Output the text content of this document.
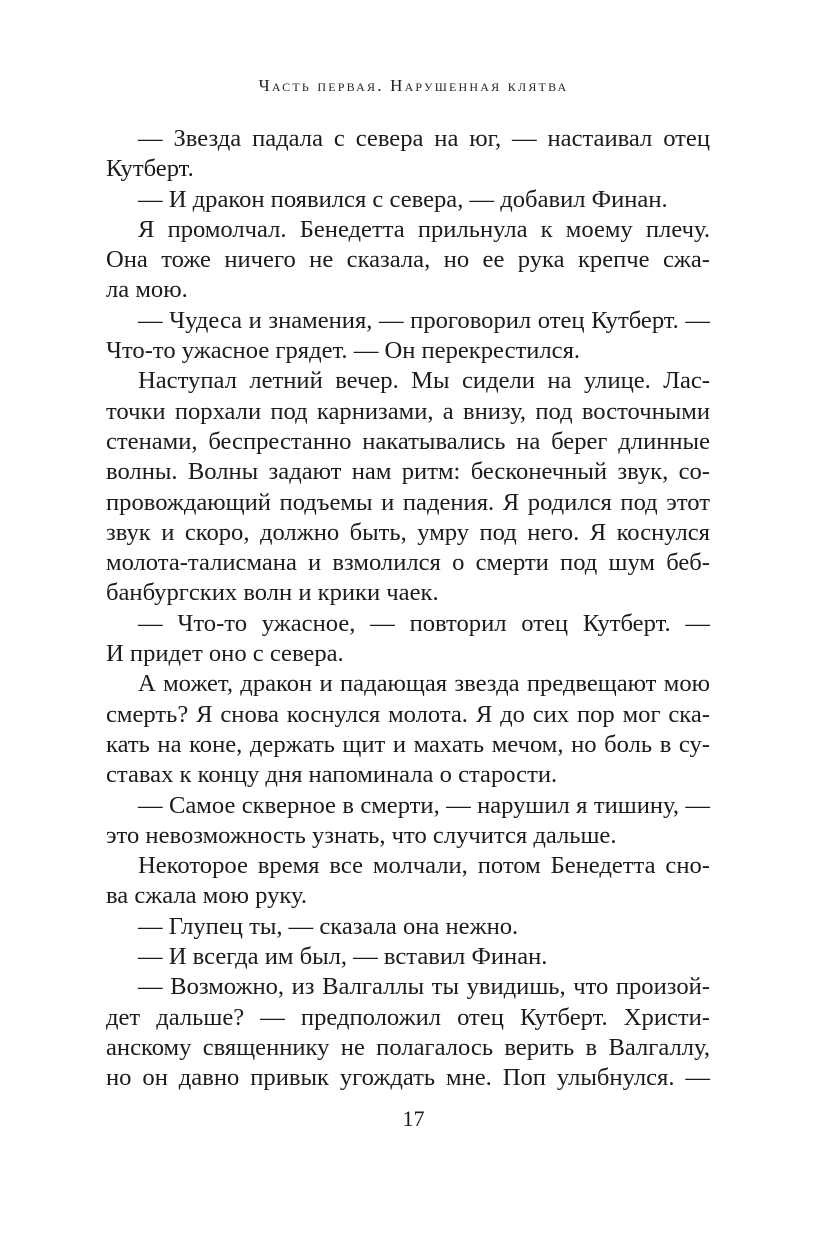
Часть первая. Нарушенная клятва
— Звезда падала с севера на юг, — настаивал отец
Кутберт.
— И дракон появился с севера, — добавил Финан.
Я промолчал. Бенедетта прильнула к моему плечу.
Она тоже ничего не сказала, но ее рука крепче сжа-
ла мою.
— Чудеса и знамения, — проговорил отец Кутберт. —
Что-то ужасное грядет. — Он перекрестился.
Наступал летний вечер. Мы сидели на улице. Лас-
точки порхали под карнизами, а внизу, под восточными
стенами, беспрестанно накатывались на берег длинные
волны. Волны задают нам ритм: бесконечный звук, со-
провождающий подъемы и падения. Я родился под этот
звук и скоро, должно быть, умру под него. Я коснулся
молота-талисмана и взмолился о смерти под шум беб-
банбургских волн и крики чаек.
— Что-то ужасное, — повторил отец Кутберт. —
И придет оно с севера.
А может, дракон и падающая звезда предвещают мою
смерть? Я снова коснулся молота. Я до сих пор мог ска-
кать на коне, держать щит и махать мечом, но боль в су-
ставах к концу дня напоминала о старости.
— Самое скверное в смерти, — нарушил я тишину, —
это невозможность узнать, что случится дальше.
Некоторое время все молчали, потом Бенедетта сно-
ва сжала мою руку.
— Глупец ты, — сказала она нежно.
— И всегда им был, — вставил Финан.
— Возможно, из Валгаллы ты увидишь, что произой-
дет дальше? — предположил отец Кутберт. Христи-
анскому священнику не полагалось верить в Валгаллу,
но он давно привык угождать мне. Поп улыбнулся. —
17
